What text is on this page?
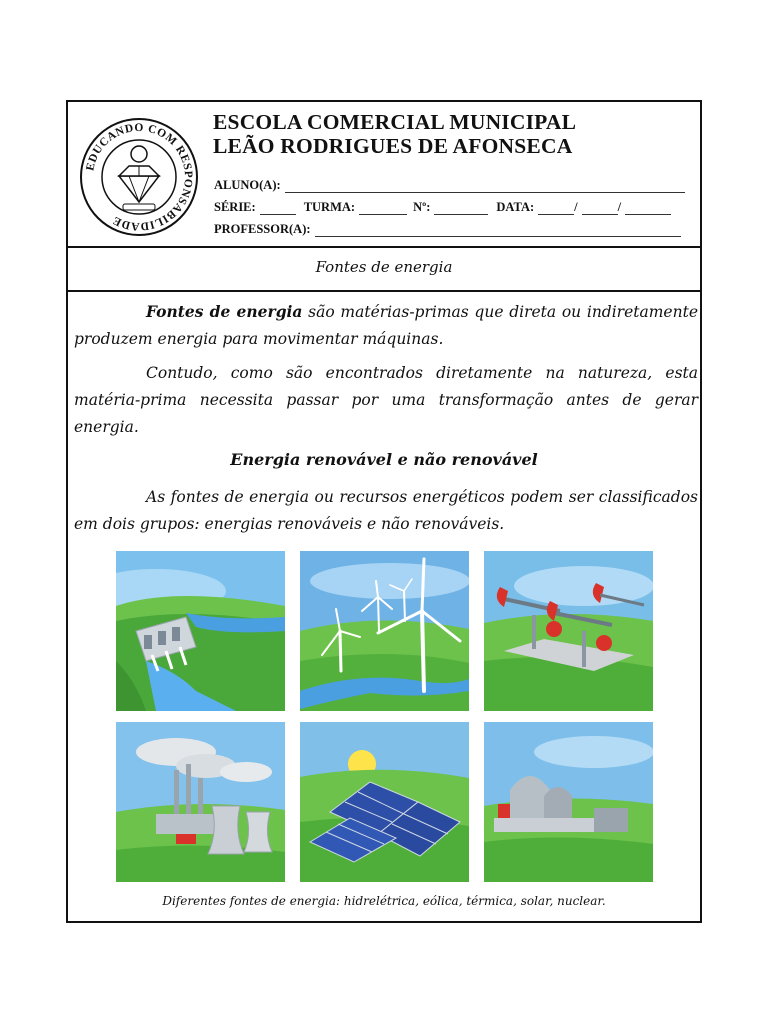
EDUCANDO COM RESPONSABILIDADE
ESCOLA COMERCIAL MUNICIPAL
LEÃO RODRIGUES DE AFONSECA
ALUNO(A):
SÉRIE:	TURMA:	Nº:	DATA:	/	/
PROFESSOR(A):
Fontes de energia
Fontes de energia são matérias-primas que direta ou indiretamente produzem energia para movimentar máquinas.
Contudo, como são encontrados diretamente na natureza, esta matéria-prima necessita passar por uma transformação antes de gerar energia.
Energia renovável e não renovável
As fontes de energia ou recursos energéticos podem ser classificados em dois grupos: energias renováveis e não renováveis.
Diferentes fontes de energia: hidrelétrica, eólica, térmica, solar, nuclear.
